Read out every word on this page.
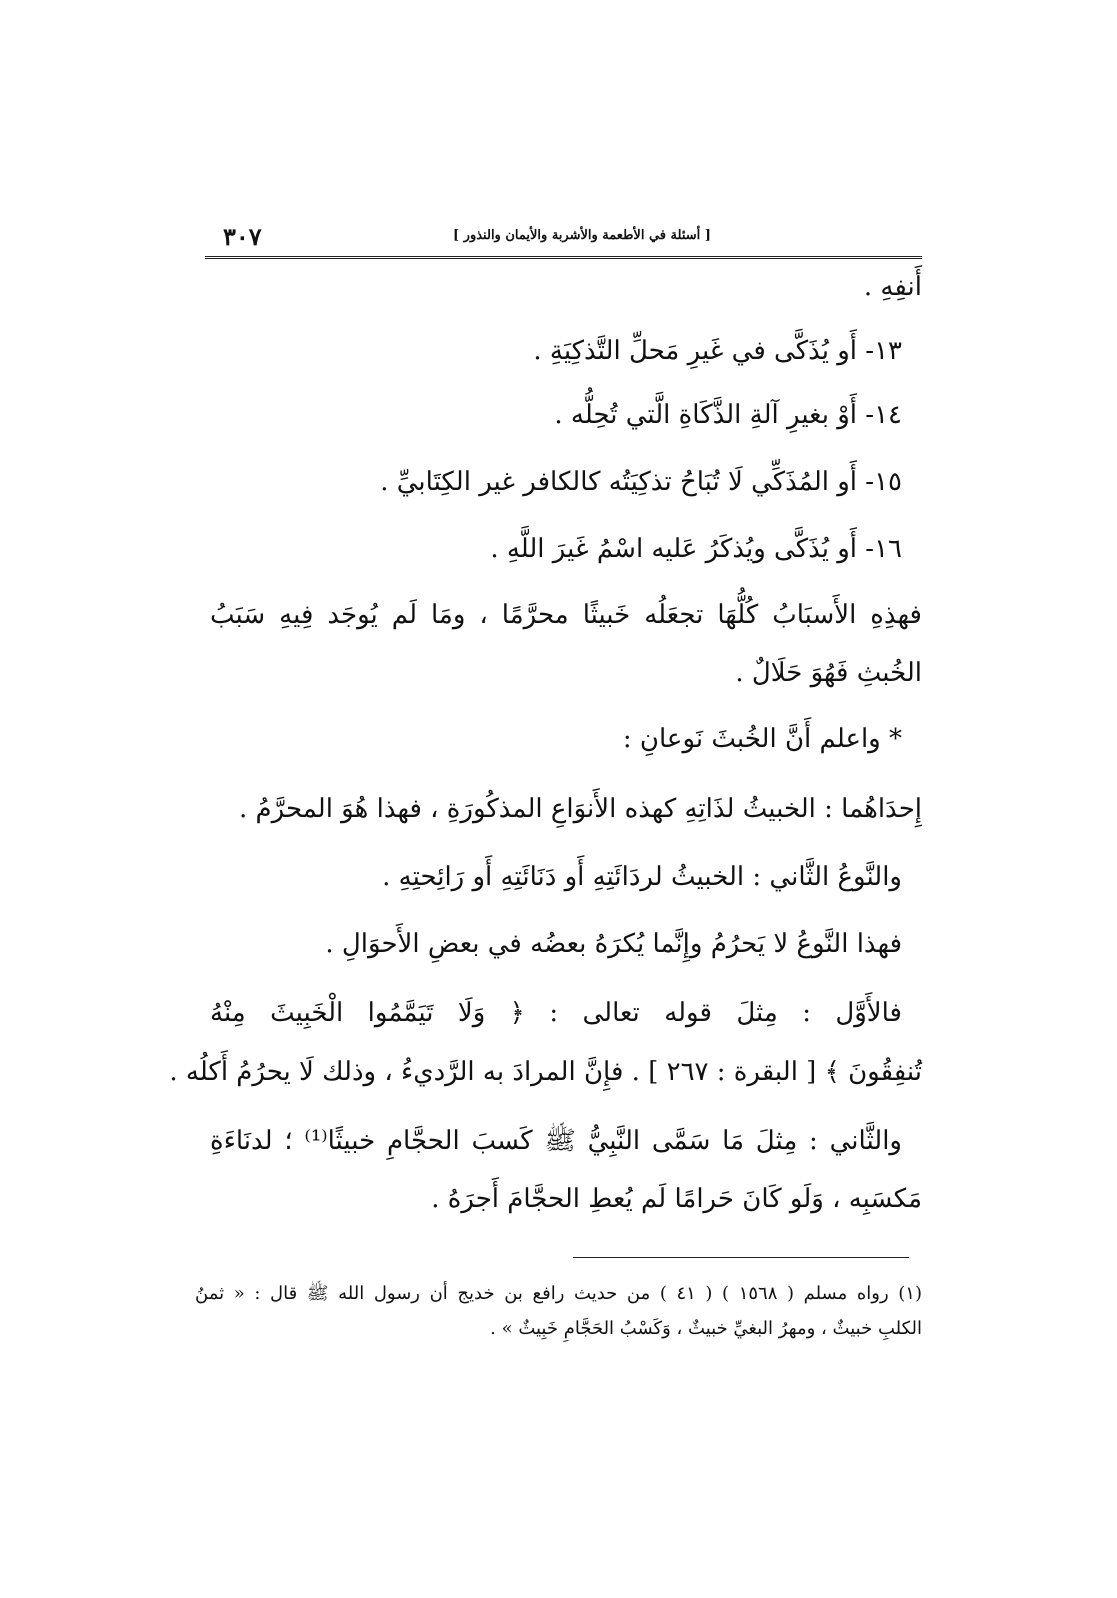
٣٠٧	[ أسئلة في الأطعمة والأشربة والأيمان والنذور ]
أَنفِهِ .
١٣- أَو يُذَكَّى في غَيرِ مَحلِّ التَّذكِيَةِ .
١٤- أَوْ بغيرِ آلةِ الذَّكَاةِ الَّتي تُحِلُّه .
١٥- أَو المُذَكِّي لَا تُبَاحُ تذكِيَتُه كالكافر غير الكِتَابيِّ .
١٦- أَو يُذَكَّى ويُذكَرُ عَليه اسْمُ غَيرَ اللَّهِ .
فهذِهِ الأَسبَابُ كُلُّهَا تجعَلُه خَبيثًا محرَّمًا ، ومَا لَم يُوجَد فِيهِ سَبَبُ
الخُبثِ فَهُوَ حَلَالٌ .
* واعلم أَنَّ الخُبثَ نَوعانِ :
إِحدَاهُما : الخبيثُ لذَاتِهِ كهذه الأَنوَاعِ المذكُورَةِ ، فهذا هُوَ المحرَّمُ .
والنَّوعُ الثَّاني : الخبيثُ لردَائَتِهِ أَو دَنَائَتِهِ أَو رَائِحتِهِ .
فهذا النَّوعُ لا يَحرُمُ وإِنَّما يُكرَهُ بعضُه في بعضِ الأَحوَالِ .
فالأَوَّل : مِثلَ قوله تعالى : ﴿ وَلَا تَيَمَّمُوا الْخَبِيثَ مِنْهُ
تُنفِقُونَ ﴾ [ البقرة : ٢٦٧ ] . فإِنَّ المرادَ به الرَّديءُ ، وذلك لَا يحرُمُ أَكلُه .
والثَّاني : مِثلَ مَا سَمَّى النَّبِيُّ ﷺ كَسبَ الحجَّامِ خبيثًا⁽¹⁾ ؛ لدنَاءَةِ
مَكسَبِه ، وَلَو كَانَ حَرامًا لَم يُعطِ الحجَّامَ أَجرَهُ .
(١) رواه مسلم ( ١٥٦٨ ) ( ٤١ ) من حديث رافع بن خديج أن رسول الله ﷺ قال : « ثمنُ
الكلبِ خبيثٌ ، ومهرُ البغيِّ خبيثٌ ، وَكَسْبُ الحَجَّامِ خَبِيثٌ » .
